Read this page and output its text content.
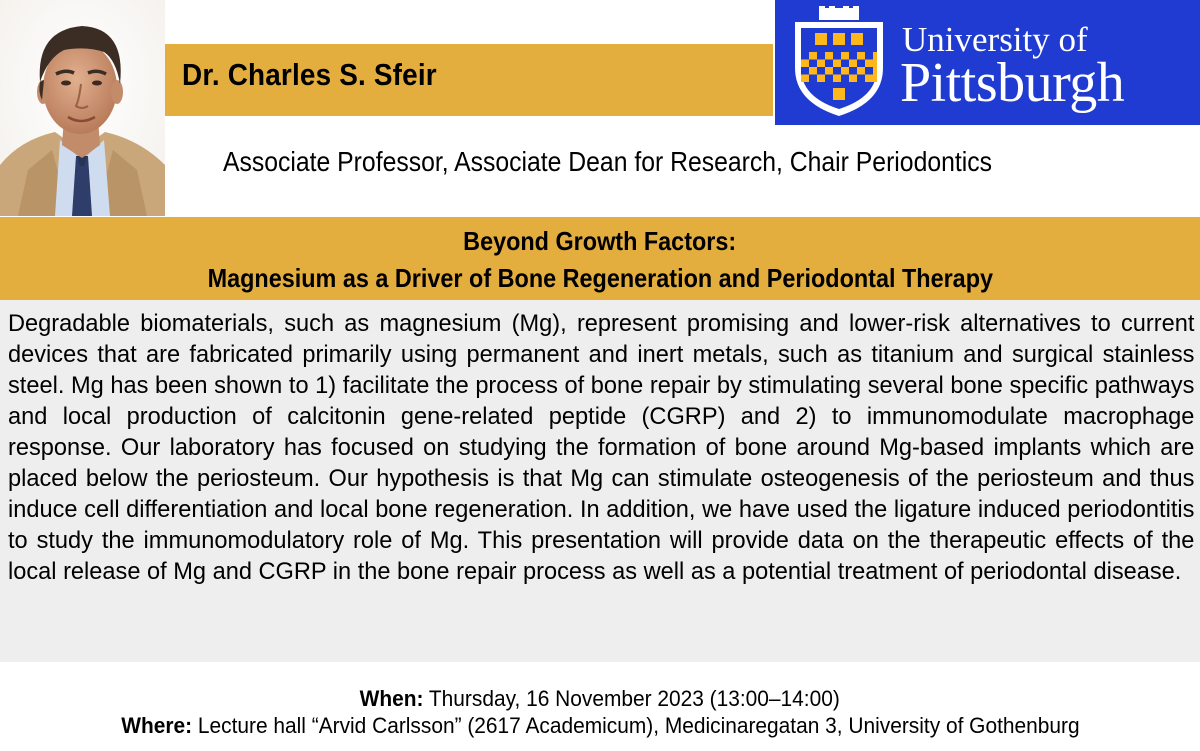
Dr. Charles S. Sfeir
University of
Pittsburgh
Associate Professor, Associate Dean for Research, Chair Periodontics
Beyond Growth Factors:
Magnesium as a Driver of Bone Regeneration and Periodontal Therapy

Degradable biomaterials, such as magnesium (Mg), represent promising and lower-risk alternatives to current devices that are fabricated primarily using permanent and inert metals, such as titanium and surgical stainless steel. Mg has been shown to 1) facilitate the process of bone repair by stimulating several bone specific pathways and local production of calcitonin gene-related peptide (CGRP) and 2) to immunomodulate macrophage response. Our laboratory has focused on studying the formation of bone around Mg-based implants which are placed below the periosteum. Our hypothesis is that Mg can stimulate osteogenesis of the periosteum and thus induce cell differentiation and local bone regeneration. In addition, we have used the ligature induced periodontitis to study the immunomodulatory role of Mg. This presentation will provide data on the therapeutic effects of the local release of Mg and CGRP in the bone repair process as well as a potential treatment of periodontal disease.

When: Thursday, 16 November 2023 (13:00–14:00)
Where: Lecture hall “Arvid Carlsson” (2617 Academicum), Medicinaregatan 3, University of Gothenburg
